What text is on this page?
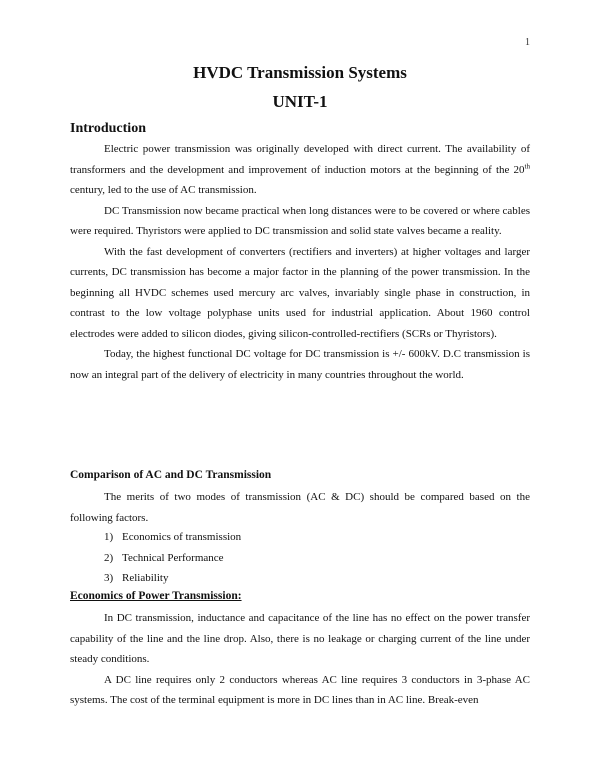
1
HVDC Transmission Systems
UNIT-1
Introduction

Electric power transmission was originally developed with direct current. The availability of transformers and the development and improvement of induction motors at the beginning of the 20th century, led to the use of AC transmission.

DC Transmission now became practical when long distances were to be covered or where cables were required. Thyristors were applied to DC transmission and solid state valves became a reality.

With the fast development of converters (rectifiers and inverters) at higher voltages and larger currents, DC transmission has become a major factor in the planning of the power transmission. In the beginning all HVDC schemes used mercury arc valves, invariably single phase in construction, in contrast to the low voltage polyphase units used for industrial application. About 1960 control electrodes were added to silicon diodes, giving silicon-controlled-rectifiers (SCRs or Thyristors).

Today, the highest functional DC voltage for DC transmission is +/- 600kV. D.C transmission is now an integral part of the delivery of electricity in many countries throughout the world.

Comparison of AC and DC Transmission

The merits of two modes of transmission (AC & DC) should be compared based on the following factors.

1) Economics of transmission
2) Technical Performance
3) Reliability
Economics of Power Transmission:

In DC transmission, inductance and capacitance of the line has no effect on the power transfer capability of the line and the line drop. Also, there is no leakage or charging current of the line under steady conditions.

A DC line requires only 2 conductors whereas AC line requires 3 conductors in 3-phase AC systems. The cost of the terminal equipment is more in DC lines than in AC line. Break-even
